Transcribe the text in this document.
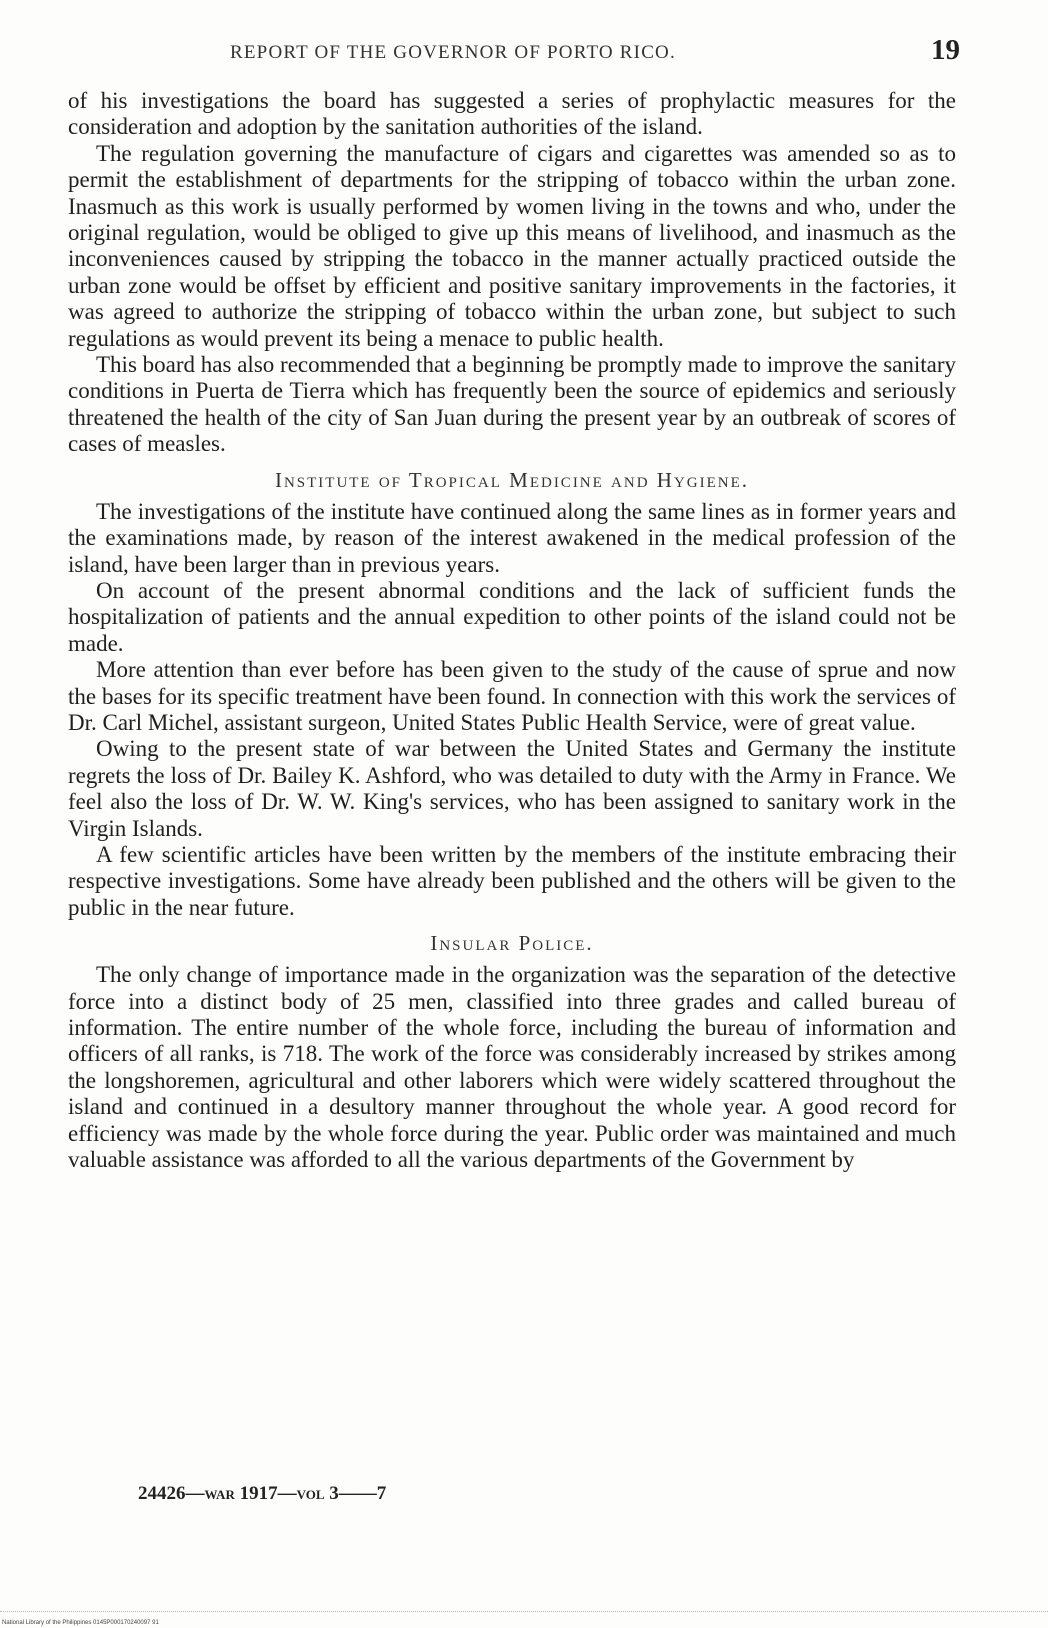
REPORT OF THE GOVERNOR OF PORTO RICO.	19

of his investigations the board has suggested a series of prophylactic measures for the consideration and adoption by the sanitation authorities of the island.

The regulation governing the manufacture of cigars and cigarettes was amended so as to permit the establishment of departments for the stripping of tobacco within the urban zone. Inasmuch as this work is usually performed by women living in the towns and who, under the original regulation, would be obliged to give up this means of livelihood, and inasmuch as the inconveniences caused by stripping the tobacco in the manner actually practiced outside the urban zone would be offset by efficient and positive sanitary improvements in the factories, it was agreed to authorize the stripping of tobacco within the urban zone, but subject to such regulations as would prevent its being a menace to public health.

This board has also recommended that a beginning be promptly made to improve the sanitary conditions in Puerta de Tierra which has frequently been the source of epidemics and seriously threatened the health of the city of San Juan during the present year by an outbreak of scores of cases of measles.

Institute of Tropical Medicine and Hygiene.

The investigations of the institute have continued along the same lines as in former years and the examinations made, by reason of the interest awakened in the medical profession of the island, have been larger than in previous years.

On account of the present abnormal conditions and the lack of sufficient funds the hospitalization of patients and the annual expedition to other points of the island could not be made.

More attention than ever before has been given to the study of the cause of sprue and now the bases for its specific treatment have been found. In connection with this work the services of Dr. Carl Michel, assistant surgeon, United States Public Health Service, were of great value.

Owing to the present state of war between the United States and Germany the institute regrets the loss of Dr. Bailey K. Ashford, who was detailed to duty with the Army in France. We feel also the loss of Dr. W. W. King's services, who has been assigned to sanitary work in the Virgin Islands.

A few scientific articles have been written by the members of the institute embracing their respective investigations. Some have already been published and the others will be given to the public in the near future.

Insular Police.

The only change of importance made in the organization was the separation of the detective force into a distinct body of 25 men, classified into three grades and called bureau of information. The entire number of the whole force, including the bureau of information and officers of all ranks, is 718. The work of the force was considerably increased by strikes among the longshoremen, agricultural and other laborers which were widely scattered throughout the island and continued in a desultory manner throughout the whole year. A good record for efficiency was made by the whole force during the year. Public order was maintained and much valuable assistance was afforded to all the various departments of the Government by

24426—war 1917—vol 3——7
National Library of the Philippines 0145P000170240097 91
